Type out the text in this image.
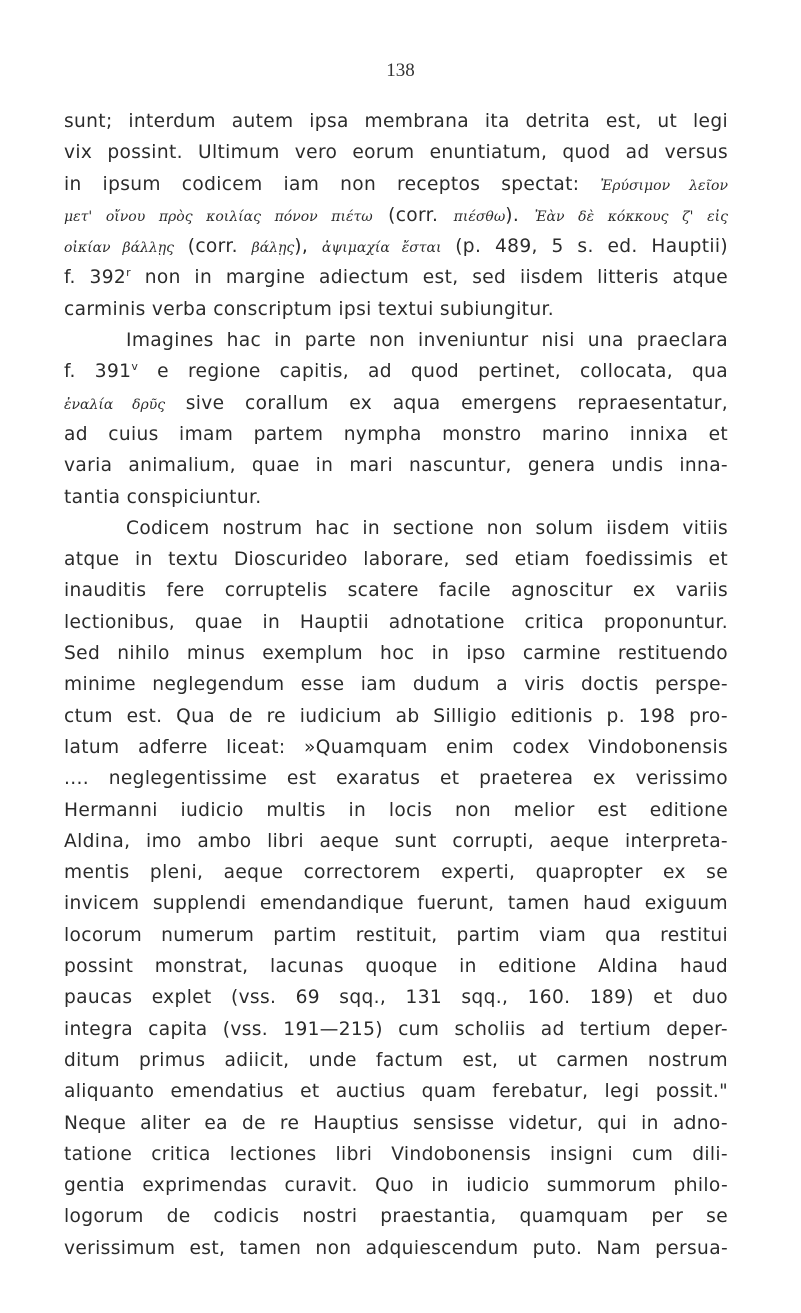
138
sunt; interdum autem ipsa membrana ita detrita est, ut legi
vix possint. Ultimum vero eorum enuntiatum, quod ad versus
in ipsum codicem iam non receptos spectat: Ἐρύσιμον λεῖον
μετ' οἴνου πρὸς κοιλίας πόνον πιέτω (corr. πιέσθω). Ἐὰν δὲ κόκκους ζ' εἰς
οἰκίαν βάλλῃς (corr. βάλῃς), ἀψιμαχία ἔσται (p. 489, 5 s. ed. Hauptii)
f. 392$^r$ non in margine adiectum est, sed iisdem litteris atque
carminis verba conscriptum ipsi textui subiungitur.
Imagines hac in parte non inveniuntur nisi una praeclara
f. 391$^v$ e regione capitis, ad quod pertinet, collocata, qua
ἐναλία δρῦς sive corallum ex aqua emergens repraesentatur,
ad cuius imam partem nympha monstro marino innixa et
varia animalium, quae in mari nascuntur, genera undis inna-
tantia conspiciuntur.
Codicem nostrum hac in sectione non solum iisdem vitiis
atque in textu Dioscurideo laborare, sed etiam foedissimis et
inauditis fere corruptelis scatere facile agnoscitur ex variis
lectionibus, quae in Hauptii adnotatione critica proponuntur.
Sed nihilo minus exemplum hoc in ipso carmine restituendo
minime neglegendum esse iam dudum a viris doctis perspe-
ctum est. Qua de re iudicium ab Silligio editionis p. 198 pro-
latum adferre liceat: »Quamquam enim codex Vindobonensis
.... neglegentissime est exaratus et praeterea ex verissimo
Hermanni iudicio multis in locis non melior est editione
Aldina, imo ambo libri aeque sunt corrupti, aeque interpreta-
mentis pleni, aeque correctorem experti, quapropter ex se
invicem supplendi emendandique fuerunt, tamen haud exiguum
locorum numerum partim restituit, partim viam qua restitui
possint monstrat, lacunas quoque in editione Aldina haud
paucas explet (vss. 69 sqq., 131 sqq., 160. 189) et duo
integra capita (vss. 191—215) cum scholiis ad tertium deper-
ditum primus adiicit, unde factum est, ut carmen nostrum
aliquanto emendatius et auctius quam ferebatur, legi possit."
Neque aliter ea de re Hauptius sensisse videtur, qui in adno-
tatione critica lectiones libri Vindobonensis insigni cum dili-
gentia exprimendas curavit. Quo in iudicio summorum philo-
logorum de codicis nostri praestantia, quamquam per se
verissimum est, tamen non adquiescendum puto. Nam persua-
